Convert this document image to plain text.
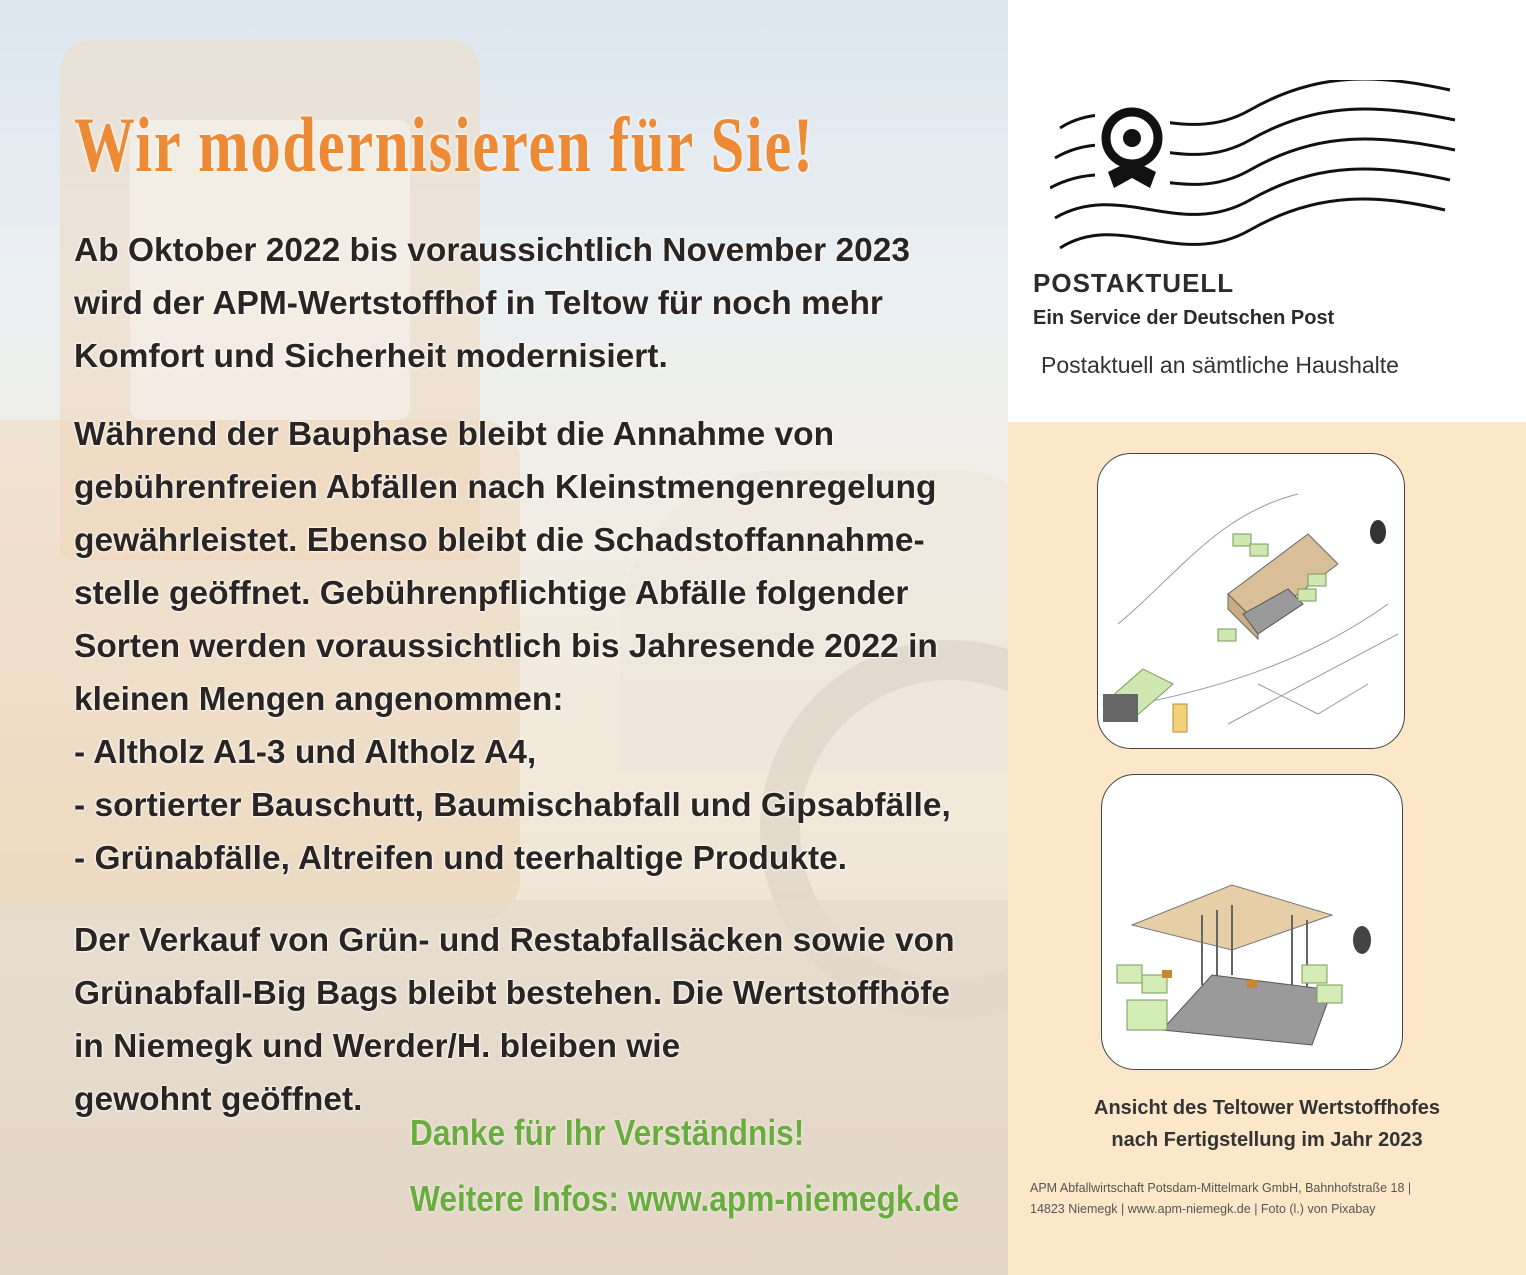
Wir modernisieren für Sie!

Ab Oktober 2022 bis voraussichtlich November 2023
wird der APM-Wertstoffhof in Teltow für noch mehr
Komfort und Sicherheit modernisiert.

Während der Bauphase bleibt die Annahme von
gebührenfreien Abfällen nach Kleinstmengenregelung
gewährleistet. Ebenso bleibt die Schadstoffannahme-
stelle geöffnet. Gebührenpflichtige Abfälle folgender
Sorten werden voraussichtlich bis Jahresende 2022 in
kleinen Mengen angenommen:
- Altholz A1-3 und Altholz A4,
- sortierter Bauschutt, Baumischabfall und Gipsabfälle,
- Grünabfälle, Altreifen und teerhaltige Produkte.

Der Verkauf von Grün- und Restabfallsäcken sowie von
Grünabfall-Big Bags bleibt bestehen. Die Wertstoffhöfe
in Niemegk und Werder/H. bleiben wie
gewohnt geöffnet.

Danke für Ihr Verständnis!
Weitere Infos: www.apm-niemegk.de
POSTAKTUELL
Ein Service der Deutschen Post
Postaktuell an sämtliche Haushalte
Ansicht des Teltower Wertstoffhofes
nach Fertigstellung im Jahr 2023
APM Abfallwirtschaft Potsdam-Mittelmark GmbH, Bahnhofstraße 18 |
14823 Niemegk | www.apm-niemegk.de | Foto (l.) von Pixabay
